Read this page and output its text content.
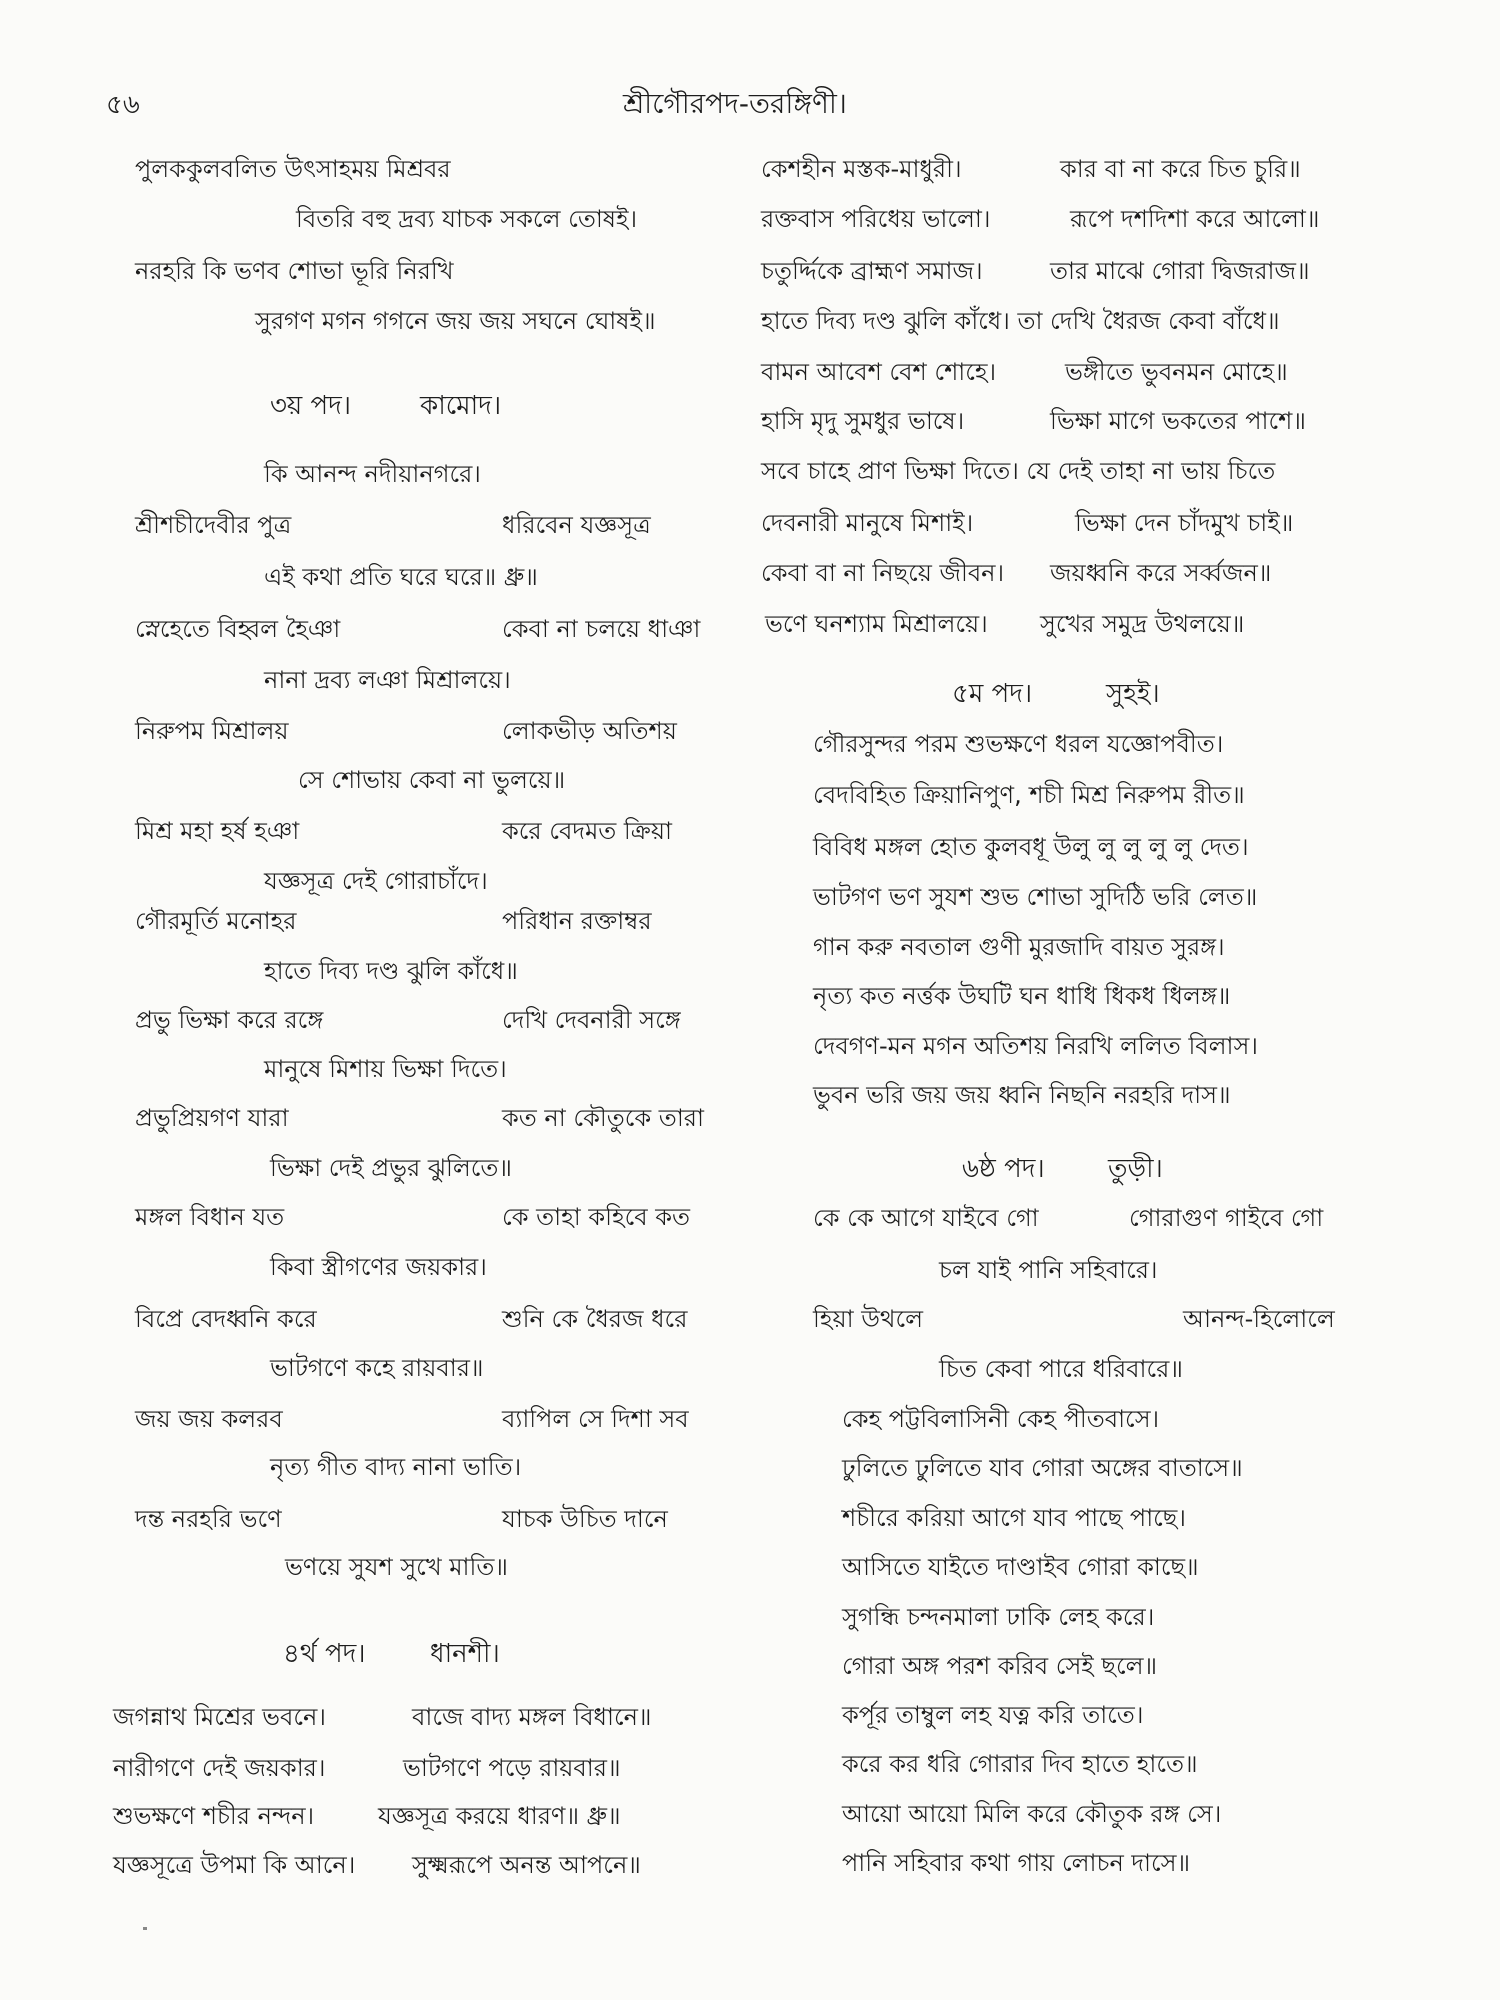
৫৬	শ্রীগৌরপদ-তরঙ্গিণী।
পুলককুলবলিত উৎসাহময় মিশ্রবর
বিতরি বহু দ্রব্য যাচক সকলে তোষই।
নরহরি কি ভণব শোভা ভূরি নিরখি
সুরগণ মগন গগনে জয় জয় সঘনে ঘোষই॥
৩য় পদ।	কামোদ।
কি আনন্দ নদীয়ানগরে।
শ্রীশচীদেবীর পুত্র	ধরিবেন যজ্ঞসূত্র
এই কথা প্রতি ঘরে ঘরে॥ ধ্রু॥
স্নেহেতে বিহ্বল হৈঞা	কেবা না চলয়ে ধাঞা
নানা দ্রব্য লঞা মিশ্রালয়ে।
নিরুপম মিশ্রালয়	লোকভীড় অতিশয়
সে শোভায় কেবা না ভুলয়ে॥
মিশ্র মহা হর্ষ হঞা	করে বেদমত ক্রিয়া
যজ্ঞসূত্র দেই গোরাচাঁদে।
গৌরমূর্তি মনোহর	পরিধান রক্তাম্বর
হাতে দিব্য দণ্ড ঝুলি কাঁধে॥
প্রভু ভিক্ষা করে রঙ্গে	দেখি দেবনারী সঙ্গে
মানুষে মিশায় ভিক্ষা দিতে।
প্রভুপ্রিয়গণ যারা	কত না কৌতুকে তারা
ভিক্ষা দেই প্রভুর ঝুলিতে॥
মঙ্গল বিধান যত	কে তাহা কহিবে কত
কিবা স্ত্রীগণের জয়কার।
বিপ্রে বেদধ্বনি করে	শুনি কে ধৈরজ ধরে
ভাটগণে কহে রায়বার॥
জয় জয় কলরব	ব্যাপিল সে দিশা সব
নৃত্য গীত বাদ্য নানা ভাতি।
দন্ত নরহরি ভণে	যাচক উচিত দানে
ভণয়ে সুযশ সুখে মাতি॥
৪র্থ পদ। ধানশী।
জগন্নাথ মিশ্রের ভবনে।	বাজে বাদ্য মঙ্গল বিধানে॥
নারীগণে দেই জয়কার।	ভাটগণে পড়ে রায়বার॥
শুভক্ষণে শচীর নন্দন।	যজ্ঞসূত্র করয়ে ধারণ॥ ধ্রু॥
যজ্ঞসূত্রে উপমা কি আনে। সুক্ষ্মরূপে অনন্ত আপনে॥
কেশহীন মস্তক-মাধুরী।	কার বা না করে চিত চুরি॥
রক্তবাস পরিধেয় ভালো।	রূপে দশদিশা করে আলো॥
চতুর্দ্দিকে ব্রাহ্মণ সমাজ।	তার মাঝে গোরা দ্বিজরাজ॥
হাতে দিব্য দণ্ড ঝুলি কাঁধে। তা দেখি ধৈরজ কেবা বাঁধে॥
বামন আবেশ বেশ শোহে।	ভঙ্গীতে ভুবনমন মোহে॥
হাসি মৃদু সুমধুর ভাষে।	ভিক্ষা মাগে ভকতের পাশে॥
সবে চাহে প্রাণ ভিক্ষা দিতে। যে দেই তাহা না ভায় চিতে
দেবনারী মানুষে মিশাই।	ভিক্ষা দেন চাঁদমুখ চাই॥
কেবা বা না নিছয়ে জীবন। জয়ধ্বনি করে সর্ব্বজন॥
ভণে ঘনশ্যাম মিশ্রালয়ে। সুখের সমুদ্র উথলয়ে॥
৫ম পদ।	সুহই।
গৌরসুন্দর পরম শুভক্ষণে ধরল যজ্ঞোপবীত।
বেদবিহিত ক্রিয়ানিপুণ, শচী মিশ্র নিরুপম রীত॥
বিবিধ মঙ্গল হোত কুলবধূ উলু লু লু লু লু দেত।
ভাটগণ ভণ সুযশ শুভ শোভা সুদিঠি ভরি লেত॥
গান করু নবতাল গুণী মুরজাদি বায়ত সুরঙ্গ।
নৃত্য কত নর্ত্তক উঘটি ঘন ধাধি ধিকধ ধিলঙ্গ॥
দেবগণ-মন মগন অতিশয় নিরখি ললিত বিলাস।
ভুবন ভরি জয় জয় ধ্বনি নিছনি নরহরি দাস॥
৬ষ্ঠ পদ। তুড়ী।
কে কে আগে যাইবে গো	গোরাগুণ গাইবে গো
চল যাই পানি সহিবারে।
হিয়া উথলে	আনন্দ-হিলোলে
চিত কেবা পারে ধরিবারে॥
কেহ পট্টবিলাসিনী কেহ পীতবাসে।
ঢুলিতে ঢুলিতে যাব গোরা অঙ্গের বাতাসে॥
শচীরে করিয়া আগে যাব পাছে পাছে।
আসিতে যাইতে দাণ্ডাইব গোরা কাছে॥
সুগন্ধি চন্দনমালা ঢাকি লেহ করে।
গোরা অঙ্গ পরশ করিব সেই ছলে॥
কর্পূর তাম্বুল লহ যত্ন করি তাতে।
করে কর ধরি গোরার দিব হাতে হাতে॥
আয়ো আয়ো মিলি করে কৌতুক রঙ্গ সে।
পানি সহিবার কথা গায় লোচন দাসে॥
